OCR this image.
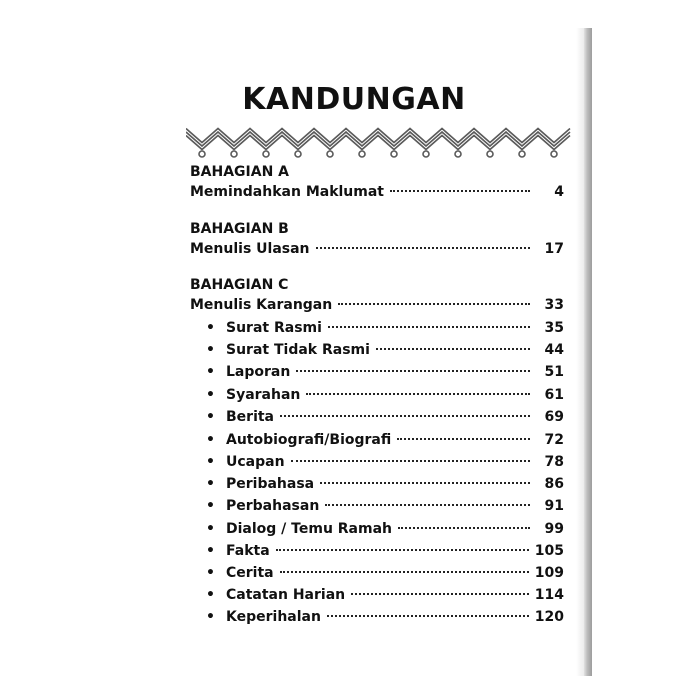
KANDUNGAN
BAHAGIAN A
Memindahkan Maklumat	4
BAHAGIAN B
Menulis Ulasan	17
BAHAGIAN C
Menulis Karangan	33
• Surat Rasmi	35
• Surat Tidak Rasmi	44
• Laporan	51
• Syarahan	61
• Berita	69
• Autobiografi/Biografi	72
• Ucapan	78
• Peribahasa	86
• Perbahasan	91
• Dialog / Temu Ramah	99
• Fakta	105
• Cerita	109
• Catatan Harian	114
• Keperihalan	120
